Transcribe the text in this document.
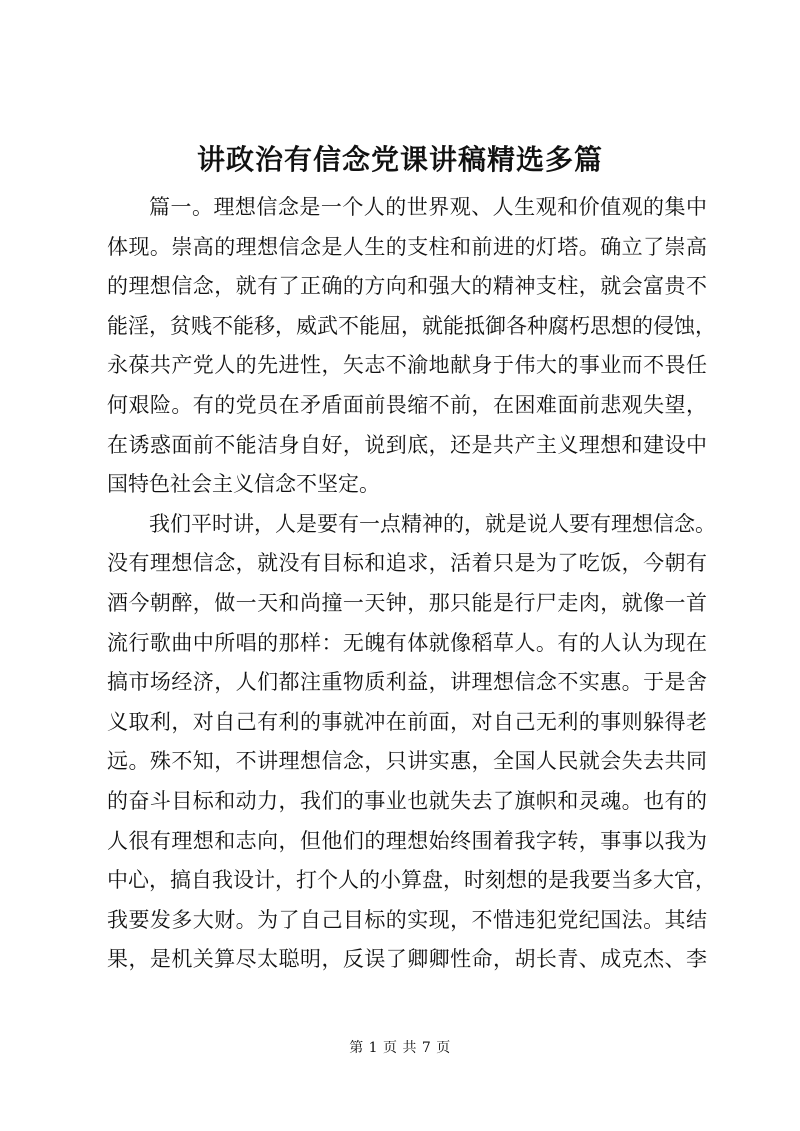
讲政治有信念党课讲稿精选多篇
篇一。理想信念是一个人的世界观、人生观和价值观的集中
体现。崇高的理想信念是人生的支柱和前进的灯塔。确立了崇高
的理想信念，就有了正确的方向和强大的精神支柱，就会富贵不
能淫，贫贱不能移，威武不能屈，就能抵御各种腐朽思想的侵蚀，
永葆共产党人的先进性，矢志不渝地献身于伟大的事业而不畏任
何艰险。有的党员在矛盾面前畏缩不前，在困难面前悲观失望，
在诱惑面前不能洁身自好，说到底，还是共产主义理想和建设中
国特色社会主义信念不坚定。
我们平时讲，人是要有一点精神的，就是说人要有理想信念。
没有理想信念，就没有目标和追求，活着只是为了吃饭，今朝有
酒今朝醉，做一天和尚撞一天钟，那只能是行尸走肉，就像一首
流行歌曲中所唱的那样：无魄有体就像稻草人。有的人认为现在
搞市场经济，人们都注重物质利益，讲理想信念不实惠。于是舍
义取利，对自己有利的事就冲在前面，对自己无利的事则躲得老
远。殊不知，不讲理想信念，只讲实惠，全国人民就会失去共同
的奋斗目标和动力，我们的事业也就失去了旗帜和灵魂。也有的
人很有理想和志向，但他们的理想始终围着我字转，事事以我为
中心，搞自我设计，打个人的小算盘，时刻想的是我要当多大官，
我要发多大财。为了自己目标的实现，不惜违犯党纪国法。其结
果，是机关算尽太聪明，反误了卿卿性命，胡长青、成克杰、李
第 1 页 共 7 页
